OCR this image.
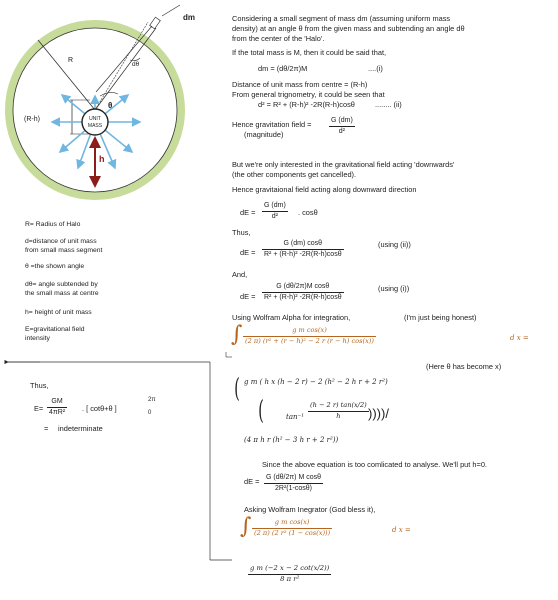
dm
R
dθ
θ
(R-h)	UNIT
MASS
h
R= Radius of Halo
d=distance of unit mass
from small mass segment
θ =the shown angle
dθ= angle subtended by
the small mass at centre
h= height of unit mass
E=gravitational field
intensity
Thus,
$E= \frac{GM}{\text{4πR²}}$ . [ cotθ+θ ]
2π
0
= indeterminate
Considering a small segment of mass dm (assuming uniform mass
density) at an angle θ from the given mass and subtending an angle dθ
from the center of the 'Halo'.
If the total mass is M, then it could be said that,
dm = (dθ/2π)M	....(i)
Distance of unit mass from centre = (R-h)
From general trignometry, it could be seen that
d² = R² + (R-h)² -2R(R-h)cosθ	........ (ii)
Hence gravitation field =
(magnitude)	$\frac{G (dm)}{\text{d²}}$
But we're only interested in the gravitational field acting 'downwards'
(the other components get cancelled).
Hence gravitaional field acting along downward direction
dE = $\frac{G (dm)}{\text{d²}}$ . cosθ
Thus,
dE = $\frac{G (dm) \cos\theta}{\text{R² + (R-h)² -2R(R-h)cosθ}}$	(using (ii))
And,
dE = $\frac{\text{G (dθ/2π)M cosθ}}{\text{R² + (R-h)² -2R(R-h)cosθ}}$	(using (i))
Using Wolfram Alpha for integration,	(I'm just being honest)
∫ $\frac{\text{g m cos(x)}}{\text{(2 π) (r² + (r − h)² − 2 r (r − h) cos(x))}}$	d x =
(Here θ has become x)
( g m ( h x (h − 2 r) − 2 (h² − 2 h r + 2 r²)
(	$\tan^{-1} \frac{(h - 2 r) \tan(x/2)}{h}$ ))))/
(4 π h r (h² − 3 h r + 2 r²))
Since the above equation is too comlicated to analyse. We'll put h=0.
dE = $\frac{\text{G (dθ/2π) M cosθ}}{\text{2R²(1-cosθ)}}$
Asking Wolfram Inegrator (God bless it),
∫ $\frac{\text{g m cos(x)}}{\text{(2 π) (2 r² (1 − cos(x)))}}$	d x =
$\frac{\text{g m (−2 x − 2 cot(x/2))}}{\text{8 π r²}}$
